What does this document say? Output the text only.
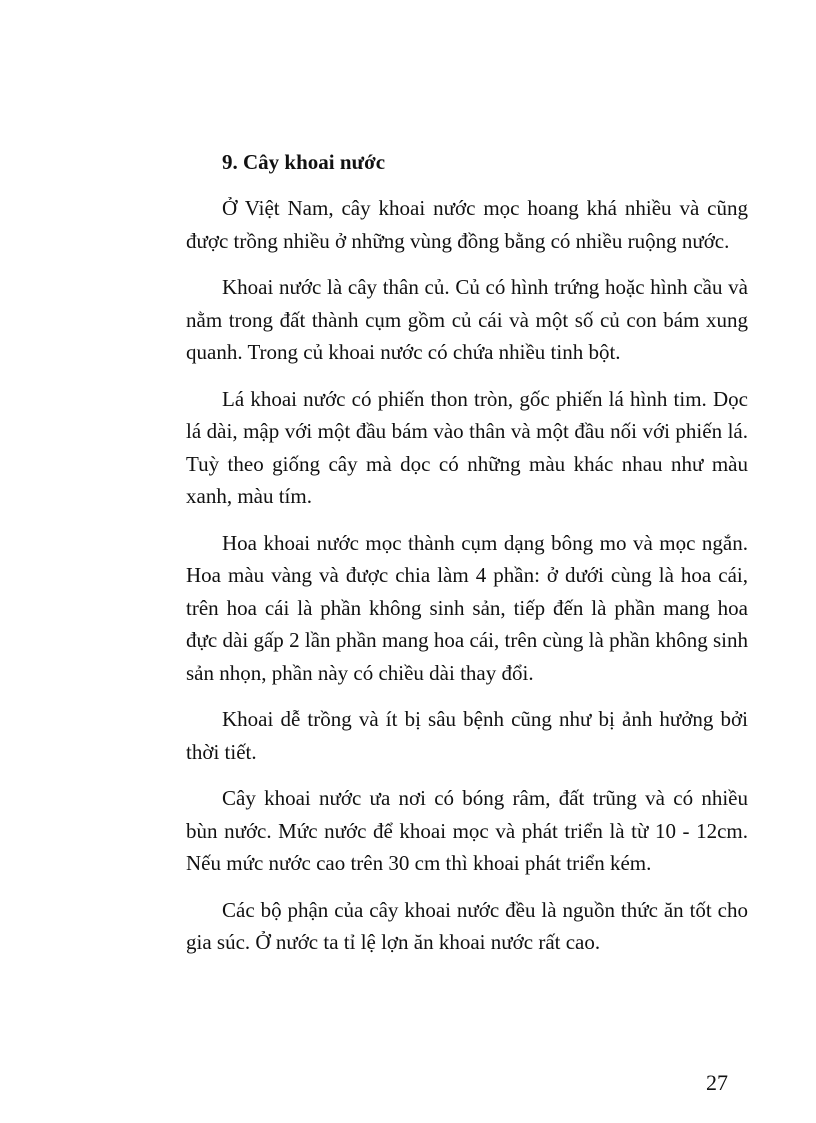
9. Cây khoai nước

Ở Việt Nam, cây khoai nước mọc hoang khá nhiều và cũng được trồng nhiều ở những vùng đồng bằng có nhiều ruộng nước.

Khoai nước là cây thân củ. Củ có hình trứng hoặc hình cầu và nằm trong đất thành cụm gồm củ cái và một số củ con bám xung quanh. Trong củ khoai nước có chứa nhiều tinh bột.

Lá khoai nước có phiến thon tròn, gốc phiến lá hình tim. Dọc lá dài, mập với một đầu bám vào thân và một đầu nối với phiến lá. Tuỳ theo giống cây mà dọc có những màu khác nhau như màu xanh, màu tím.

Hoa khoai nước mọc thành cụm dạng bông mo và mọc ngắn. Hoa màu vàng và được chia làm 4 phần: ở dưới cùng là hoa cái, trên hoa cái là phần không sinh sản, tiếp đến là phần mang hoa đực dài gấp 2 lần phần mang hoa cái, trên cùng là phần không sinh sản nhọn, phần này có chiều dài thay đổi.

Khoai dễ trồng và ít bị sâu bệnh cũng như bị ảnh hưởng bởi thời tiết.

Cây khoai nước ưa nơi có bóng râm, đất trũng và có nhiều bùn nước. Mức nước để khoai mọc và phát triển là từ 10 - 12cm. Nếu mức nước cao trên 30 cm thì khoai phát triển kém.

Các bộ phận của cây khoai nước đều là nguồn thức ăn tốt cho gia súc. Ở nước ta tỉ lệ lợn ăn khoai nước rất cao.

27
